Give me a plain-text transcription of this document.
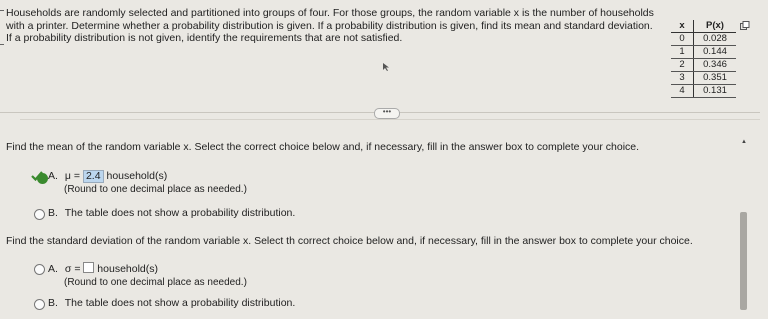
Households are randomly selected and partitioned into groups of four. For those groups, the random variable x is the number of households with a printer. Determine whether a probability distribution is given. If a probability distribution is given, find its mean and standard deviation. If a probability distribution is not given, identify the requirements that are not satisfied.
x	P(x)
0	0.028
1	0.144
2	0.346
3	0.351
4	0.131
•••
Find the mean of the random variable x. Select the correct choice below and, if necessary, fill in the answer box to complete your choice.
A. μ = 2.4 household(s)
(Round to one decimal place as needed.)
B. The table does not show a probability distribution.
Find the standard deviation of the random variable x. Select th correct choice below and, if necessary, fill in the answer box to complete your choice.
A. σ = household(s)
(Round to one decimal place as needed.)
B. The table does not show a probability distribution.
▲
